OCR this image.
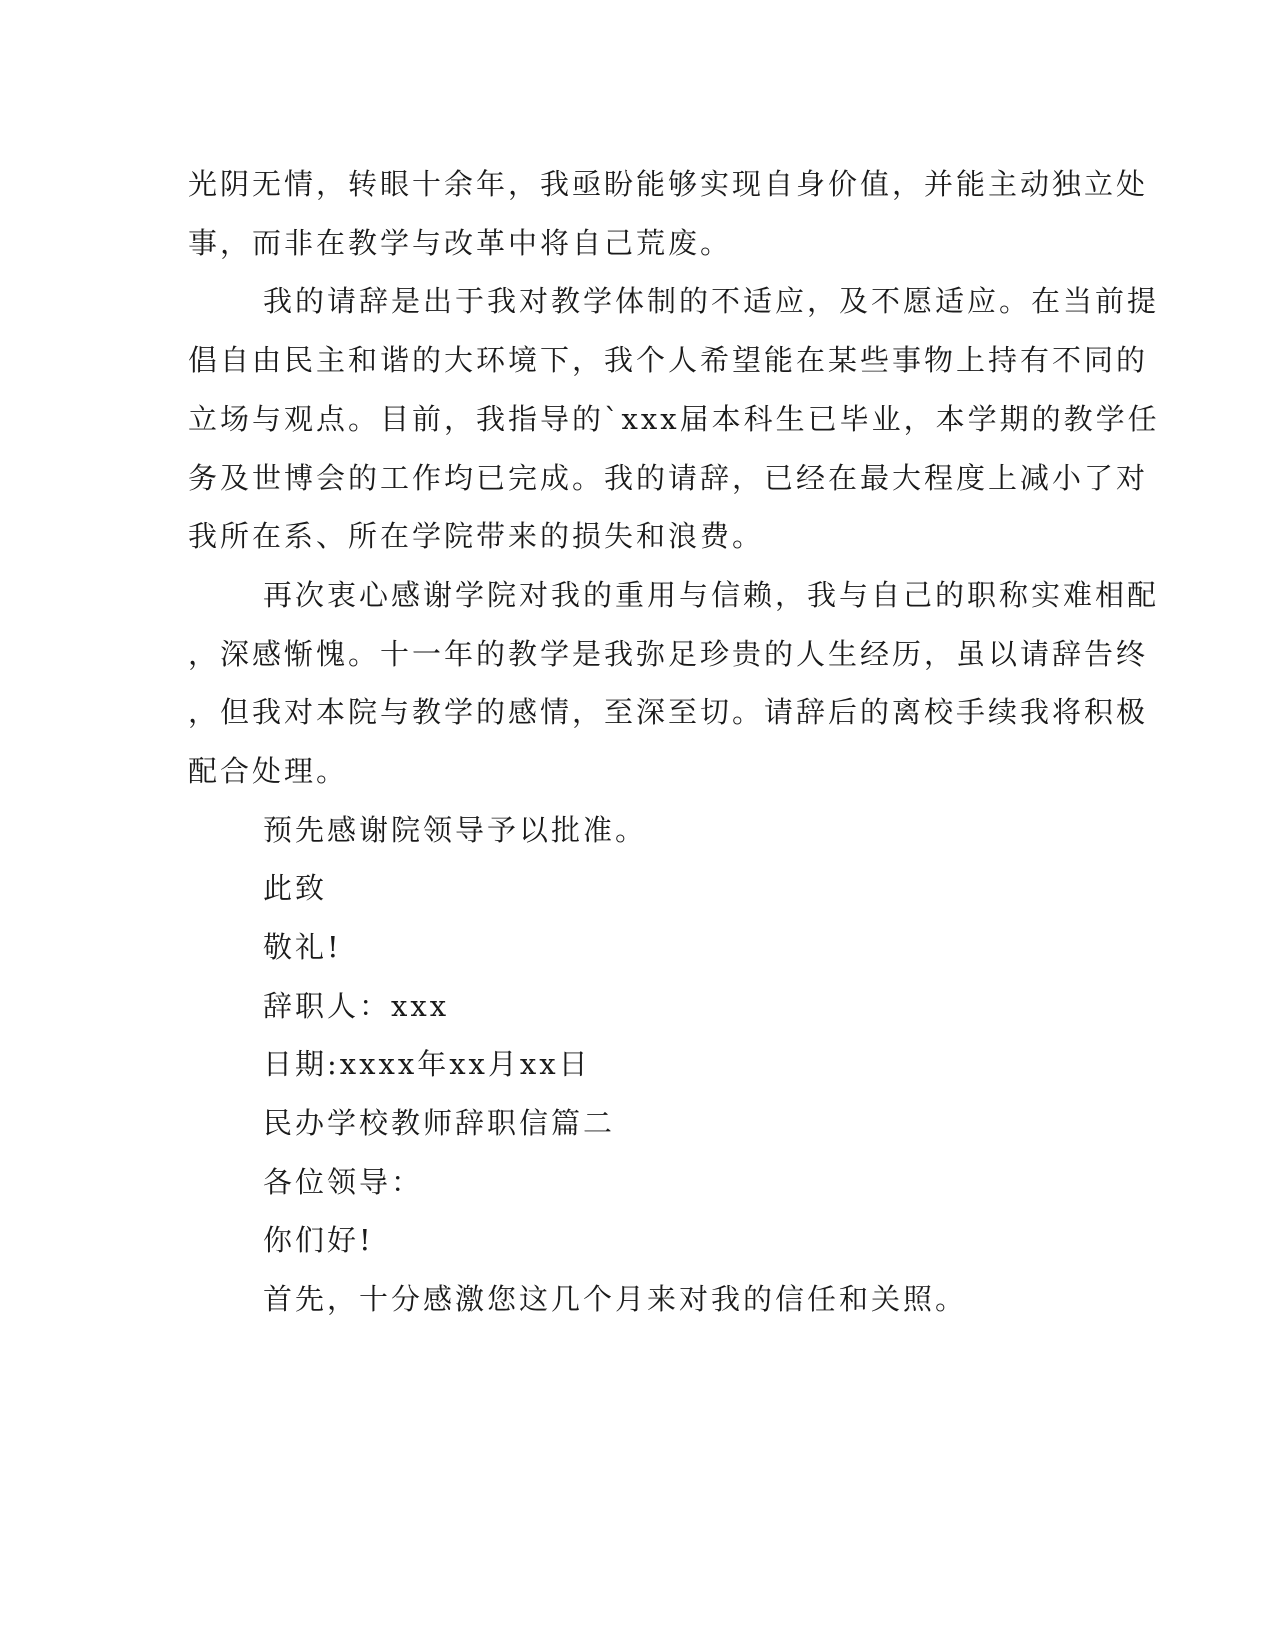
光阴无情，转眼十余年，我亟盼能够实现自身价值，并能主动独立处
事，而非在教学与改革中将自己荒废。
我的请辞是出于我对教学体制的不适应，及不愿适应。在当前提
倡自由民主和谐的大环境下，我个人希望能在某些事物上持有不同的
立场与观点。目前，我指导的`xxx届本科生已毕业，本学期的教学任
务及世博会的工作均已完成。我的请辞，已经在最大程度上减小了对
我所在系、所在学院带来的损失和浪费。
再次衷心感谢学院对我的重用与信赖，我与自己的职称实难相配
，深感惭愧。十一年的教学是我弥足珍贵的人生经历，虽以请辞告终
，但我对本院与教学的感情，至深至切。请辞后的离校手续我将积极
配合处理。
预先感谢院领导予以批准。
此致
敬礼!
辞职人：xxx
日期:xxxx年xx月xx日
民办学校教师辞职信篇二
各位领导：
你们好!
首先，十分感激您这几个月来对我的信任和关照。
